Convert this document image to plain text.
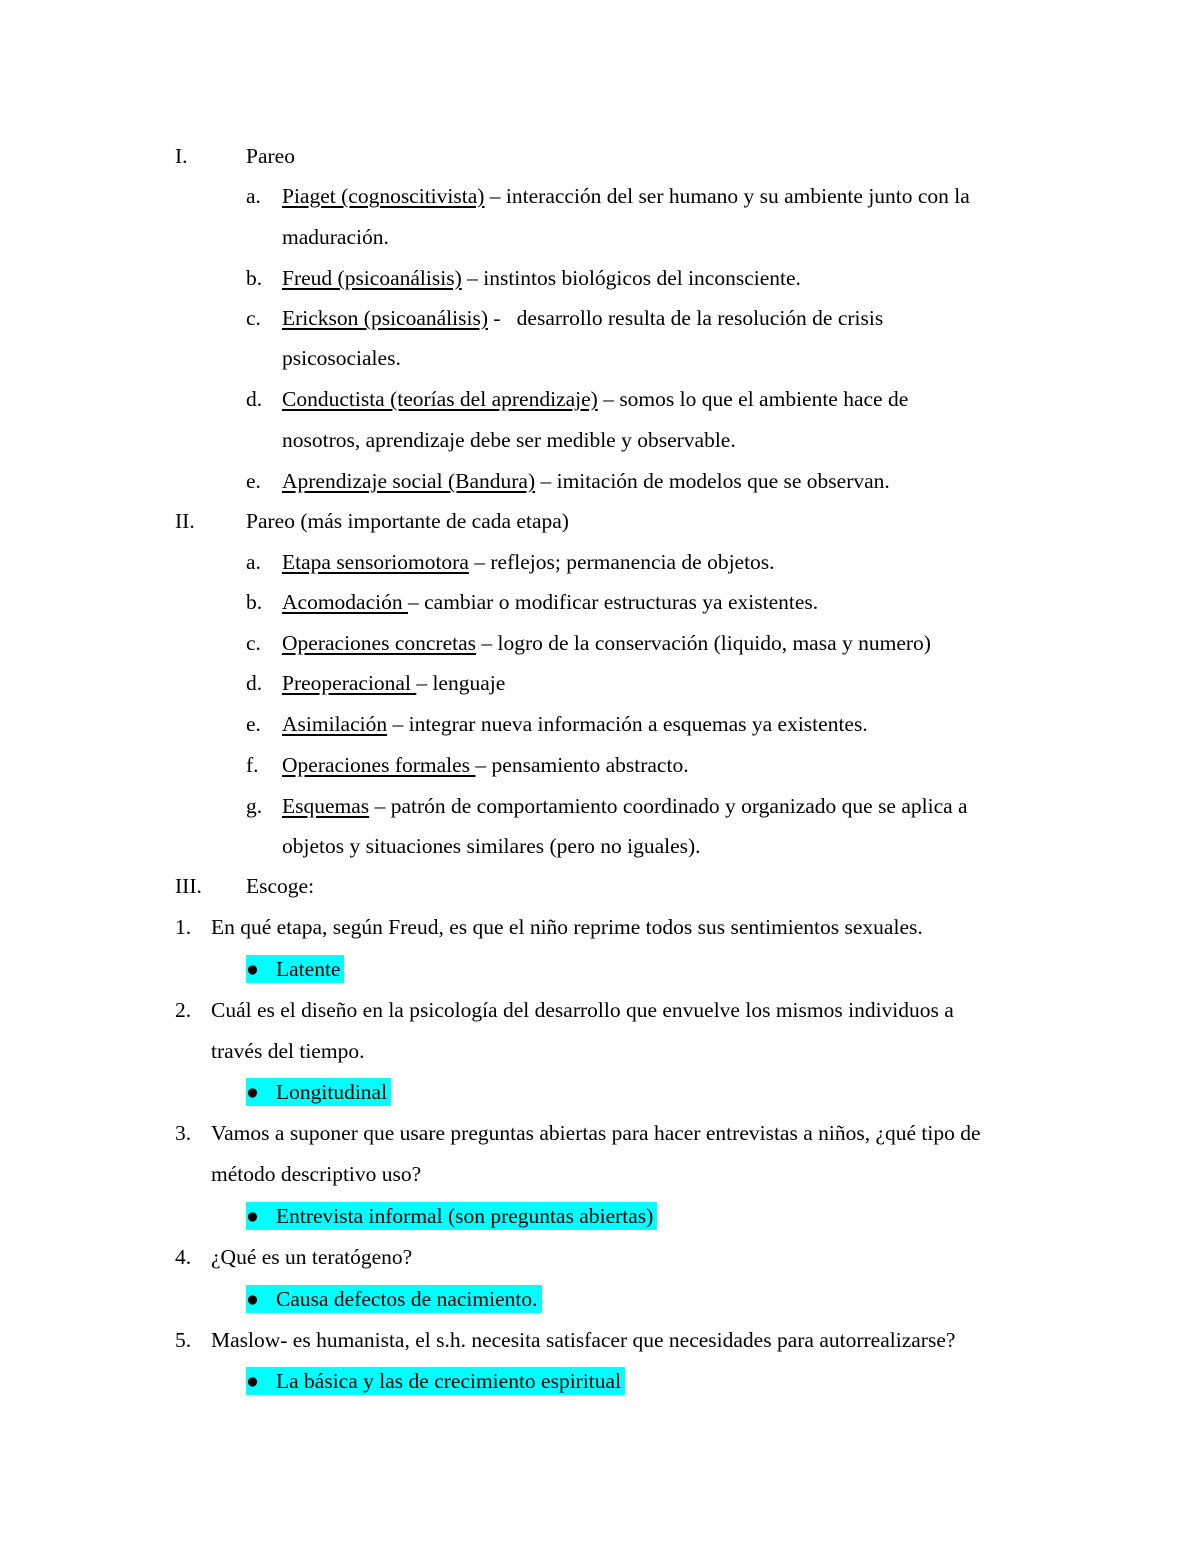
I.	Pareo
a. Piaget (cognoscitivista) – interacción del ser humano y su ambiente junto con la
maduración.
b. Freud (psicoanálisis) – instintos biológicos del inconsciente.
c. Erickson (psicoanálisis) -   desarrollo resulta de la resolución de crisis
psicosociales.
d. Conductista (teorías del aprendizaje) – somos lo que el ambiente hace de
nosotros, aprendizaje debe ser medible y observable.
e. Aprendizaje social (Bandura) – imitación de modelos que se observan.
II. Pareo (más importante de cada etapa)
a. Etapa sensoriomotora – reflejos; permanencia de objetos.
b. Acomodación – cambiar o modificar estructuras ya existentes.
c. Operaciones concretas – logro de la conservación (liquido, masa y numero)
d. Preoperacional – lenguaje
e. Asimilación – integrar nueva información a esquemas ya existentes.
f. Operaciones formales – pensamiento abstracto.
g. Esquemas – patrón de comportamiento coordinado y organizado que se aplica a
objetos y situaciones similares (pero no iguales).
III. Escoge:
1. En qué etapa, según Freud, es que el niño reprime todos sus sentimientos sexuales.
● Latente
2. Cuál es el diseño en la psicología del desarrollo que envuelve los mismos individuos a
través del tiempo.
● Longitudinal
3. Vamos a suponer que usare preguntas abiertas para hacer entrevistas a niños, ¿qué tipo de
método descriptivo uso?
● Entrevista informal (son preguntas abiertas)
4. ¿Qué es un teratógeno?
● Causa defectos de nacimiento.
5. Maslow- es humanista, el s.h. necesita satisfacer que necesidades para autorrealizarse?
● La básica y las de crecimiento espiritual
